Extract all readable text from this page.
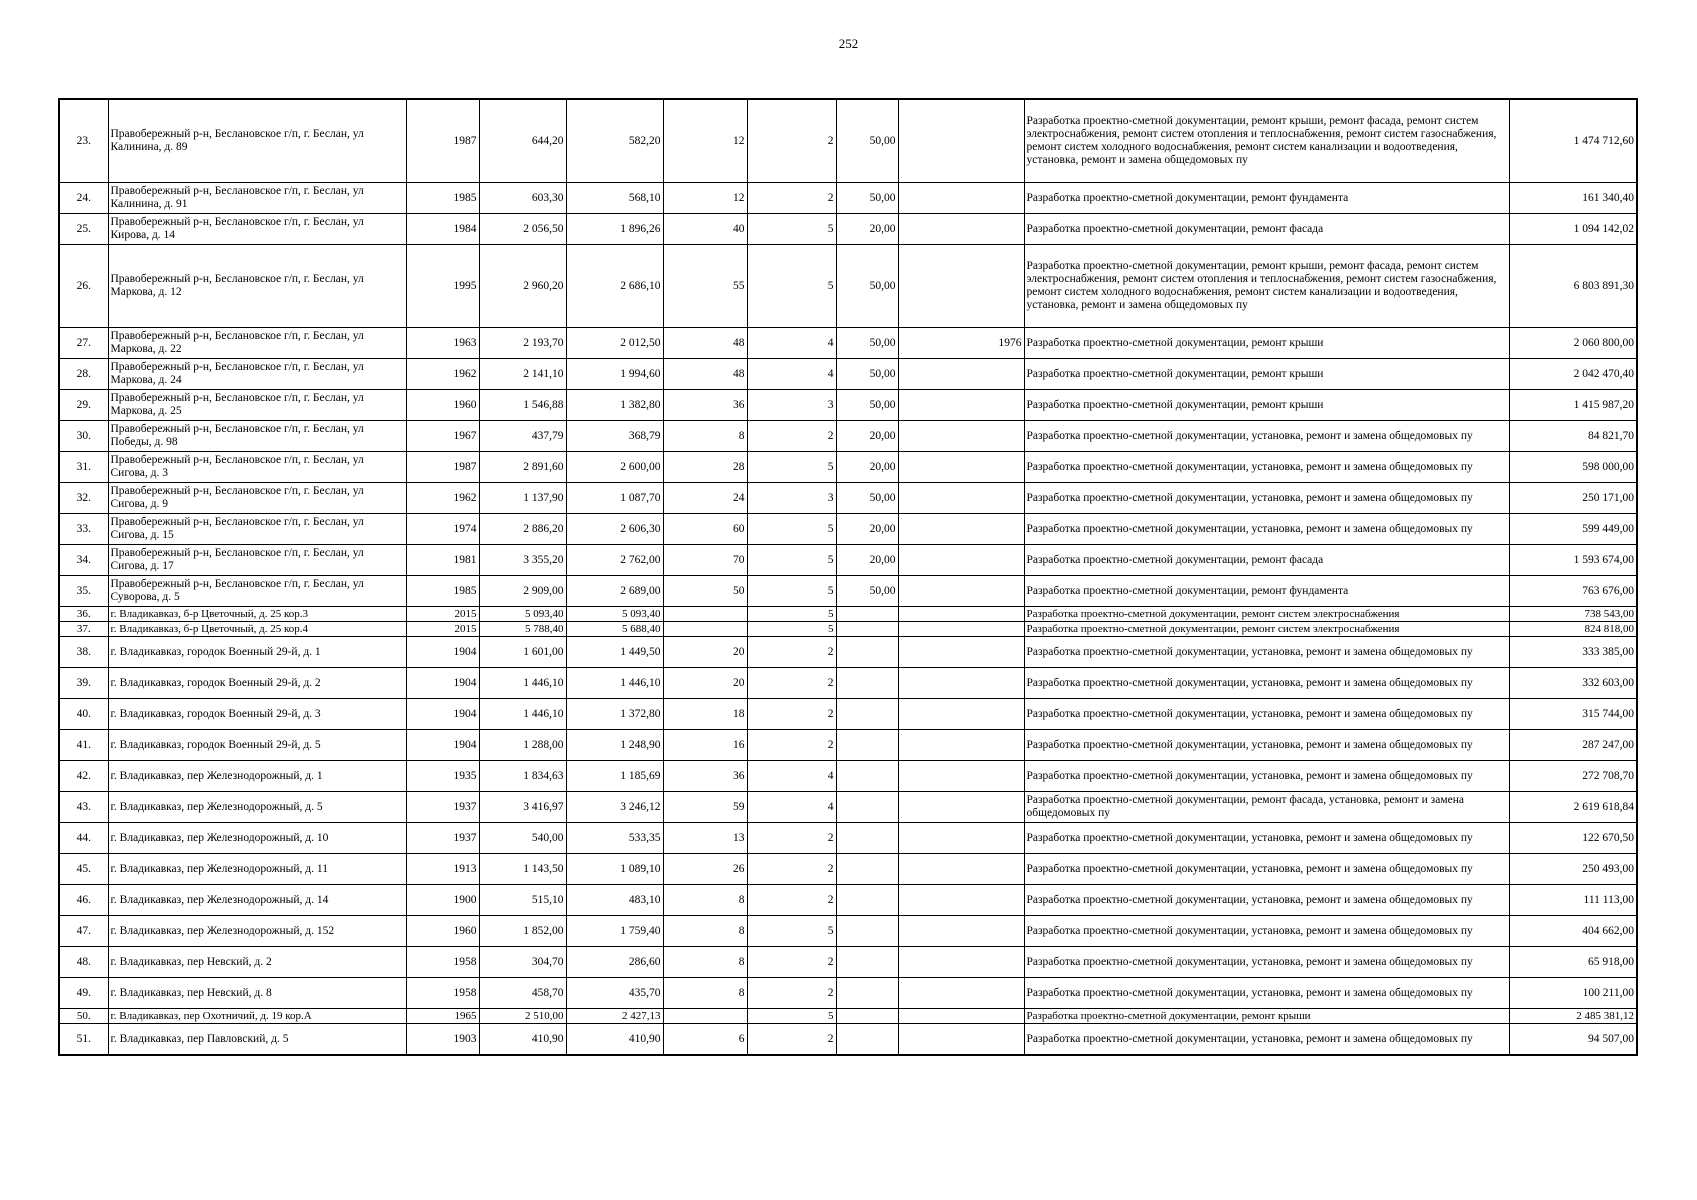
252
23.	Правобережный р-н, Беслановское г/п, г. Беслан, ул Калинина, д. 89	1987	644,20	582,20	12	2	50,00		Разработка проектно-сметной документации, ремонт крыши, ремонт фасада, ремонт систем электроснабжения, ремонт систем отопления и теплоснабжения, ремонт систем газоснабжения, ремонт систем холодного водоснабжения, ремонт систем канализации и водоотведения, установка, ремонт и замена общедомовых пу	1 474 712,60
24.	Правобережный р-н, Беслановское г/п, г. Беслан, ул Калинина, д. 91	1985	603,30	568,10	12	2	50,00		Разработка проектно-сметной документации, ремонт фундамента	161 340,40
25.	Правобережный р-н, Беслановское г/п, г. Беслан, ул Кирова, д. 14	1984	2 056,50	1 896,26	40	5	20,00		Разработка проектно-сметной документации, ремонт фасада	1 094 142,02
26.	Правобережный р-н, Беслановское г/п, г. Беслан, ул Маркова, д. 12	1995	2 960,20	2 686,10	55	5	50,00		Разработка проектно-сметной документации, ремонт крыши, ремонт фасада, ремонт систем электроснабжения, ремонт систем отопления и теплоснабжения, ремонт систем газоснабжения, ремонт систем холодного водоснабжения, ремонт систем канализации и водоотведения, установка, ремонт и замена общедомовых пу	6 803 891,30
27.	Правобережный р-н, Беслановское г/п, г. Беслан, ул Маркова, д. 22	1963	2 193,70	2 012,50	48	4	50,00	1976	Разработка проектно-сметной документации, ремонт крыши	2 060 800,00
28.	Правобережный р-н, Беслановское г/п, г. Беслан, ул Маркова, д. 24	1962	2 141,10	1 994,60	48	4	50,00		Разработка проектно-сметной документации, ремонт крыши	2 042 470,40
29.	Правобережный р-н, Беслановское г/п, г. Беслан, ул Маркова, д. 25	1960	1 546,88	1 382,80	36	3	50,00		Разработка проектно-сметной документации, ремонт крыши	1 415 987,20
30.	Правобережный р-н, Беслановское г/п, г. Беслан, ул Победы, д. 98	1967	437,79	368,79	8	2	20,00		Разработка проектно-сметной документации, установка, ремонт и замена общедомовых пу	84 821,70
31.	Правобережный р-н, Беслановское г/п, г. Беслан, ул Сигова, д. 3	1987	2 891,60	2 600,00	28	5	20,00		Разработка проектно-сметной документации, установка, ремонт и замена общедомовых пу	598 000,00
32.	Правобережный р-н, Беслановское г/п, г. Беслан, ул Сигова, д. 9	1962	1 137,90	1 087,70	24	3	50,00		Разработка проектно-сметной документации, установка, ремонт и замена общедомовых пу	250 171,00
33.	Правобережный р-н, Беслановское г/п, г. Беслан, ул Сигова, д. 15	1974	2 886,20	2 606,30	60	5	20,00		Разработка проектно-сметной документации, установка, ремонт и замена общедомовых пу	599 449,00
34.	Правобережный р-н, Беслановское г/п, г. Беслан, ул Сигова, д. 17	1981	3 355,20	2 762,00	70	5	20,00		Разработка проектно-сметной документации, ремонт фасада	1 593 674,00
35.	Правобережный р-н, Беслановское г/п, г. Беслан, ул Суворова, д. 5	1985	2 909,00	2 689,00	50	5	50,00		Разработка проектно-сметной документации, ремонт фундамента	763 676,00
36.	г. Владикавказ, б-р Цветочный, д. 25 кор.3	2015	5 093,40	5 093,40		5			Разработка проектно-сметной документации, ремонт систем электроснабжения	738 543,00
37.	г. Владикавказ, б-р Цветочный, д. 25 кор.4	2015	5 788,40	5 688,40		5			Разработка проектно-сметной документации, ремонт систем электроснабжения	824 818,00
38.	г. Владикавказ, городок Военный 29-й, д. 1	1904	1 601,00	1 449,50	20	2			Разработка проектно-сметной документации, установка, ремонт и замена общедомовых пу	333 385,00
39.	г. Владикавказ, городок Военный 29-й, д. 2	1904	1 446,10	1 446,10	20	2			Разработка проектно-сметной документации, установка, ремонт и замена общедомовых пу	332 603,00
40.	г. Владикавказ, городок Военный 29-й, д. 3	1904	1 446,10	1 372,80	18	2			Разработка проектно-сметной документации, установка, ремонт и замена общедомовых пу	315 744,00
41.	г. Владикавказ, городок Военный 29-й, д. 5	1904	1 288,00	1 248,90	16	2			Разработка проектно-сметной документации, установка, ремонт и замена общедомовых пу	287 247,00
42.	г. Владикавказ, пер Железнодорожный, д. 1	1935	1 834,63	1 185,69	36	4			Разработка проектно-сметной документации, установка, ремонт и замена общедомовых пу	272 708,70
43.	г. Владикавказ, пер Железнодорожный, д. 5	1937	3 416,97	3 246,12	59	4			Разработка проектно-сметной документации, ремонт фасада, установка, ремонт и замена общедомовых пу	2 619 618,84
44.	г. Владикавказ, пер Железнодорожный, д. 10	1937	540,00	533,35	13	2			Разработка проектно-сметной документации, установка, ремонт и замена общедомовых пу	122 670,50
45.	г. Владикавказ, пер Железнодорожный, д. 11	1913	1 143,50	1 089,10	26	2			Разработка проектно-сметной документации, установка, ремонт и замена общедомовых пу	250 493,00
46.	г. Владикавказ, пер Железнодорожный, д. 14	1900	515,10	483,10	8	2			Разработка проектно-сметной документации, установка, ремонт и замена общедомовых пу	111 113,00
47.	г. Владикавказ, пер Железнодорожный, д. 152	1960	1 852,00	1 759,40	8	5			Разработка проектно-сметной документации, установка, ремонт и замена общедомовых пу	404 662,00
48.	г. Владикавказ, пер Невский, д. 2	1958	304,70	286,60	8	2			Разработка проектно-сметной документации, установка, ремонт и замена общедомовых пу	65 918,00
49.	г. Владикавказ, пер Невский, д. 8	1958	458,70	435,70	8	2			Разработка проектно-сметной документации, установка, ремонт и замена общедомовых пу	100 211,00
50.	г. Владикавказ, пер Охотничий, д. 19 кор.А	1965	2 510,00	2 427,13		5			Разработка проектно-сметной документации, ремонт крыши	2 485 381,12
51.	г. Владикавказ, пер Павловский, д. 5	1903	410,90	410,90	6	2			Разработка проектно-сметной документации, установка, ремонт и замена общедомовых пу	94 507,00
